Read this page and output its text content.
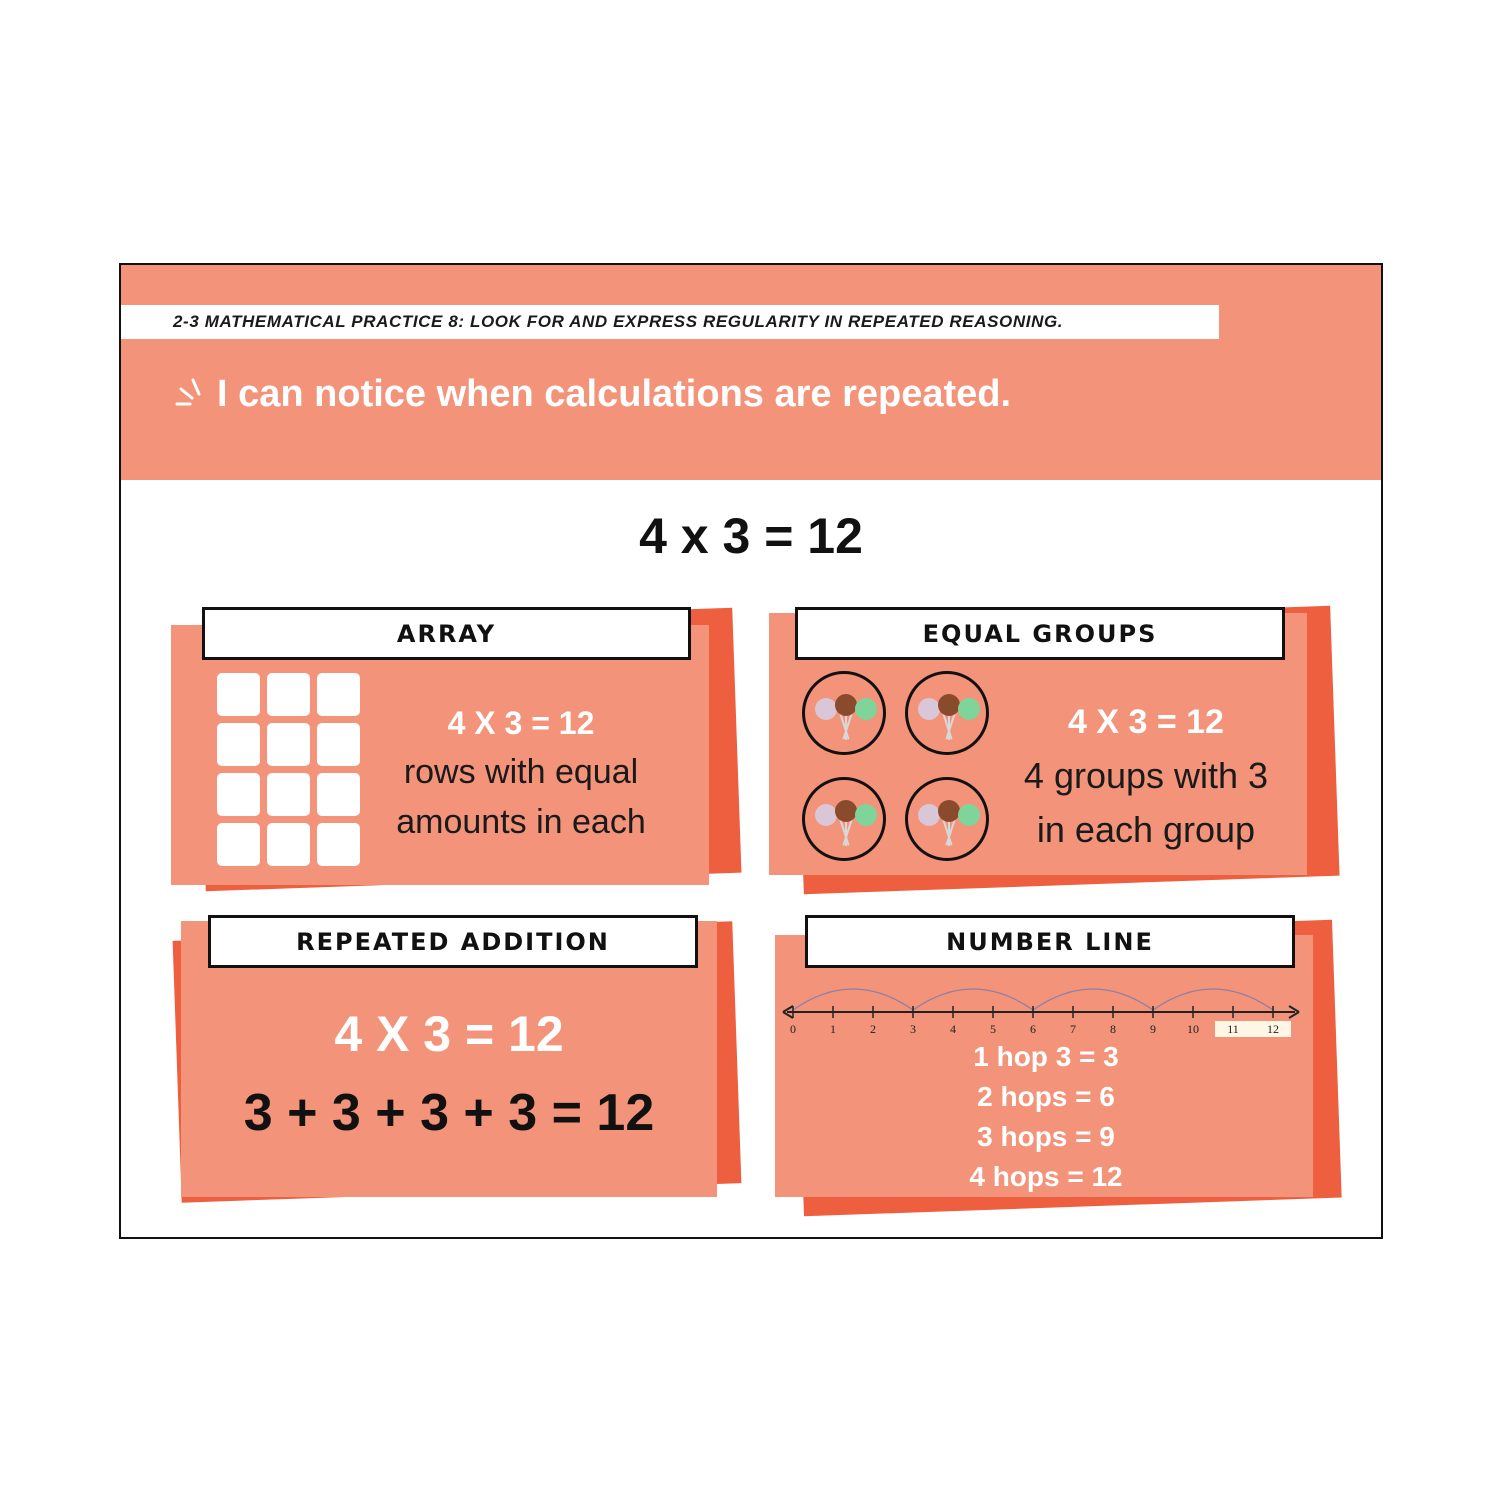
2-3 MATHEMATICAL PRACTICE 8: LOOK FOR AND EXPRESS REGULARITY IN REPEATED REASONING.
I can notice when calculations are repeated.
4 x 3 = 12
ARRAY
4 X 3 = 12
rows with equal
amounts in each
EQUAL GROUPS
4 X 3 = 12
4 groups with 3
in each group
REPEATED ADDITION
4 X 3 = 12
3 + 3 + 3 + 3 = 12
NUMBER LINE
0	1	2	3	4	5	6	7	8	9	10 11 12
1 hop 3 = 3
2 hops = 6
3 hops = 9
4 hops = 12
